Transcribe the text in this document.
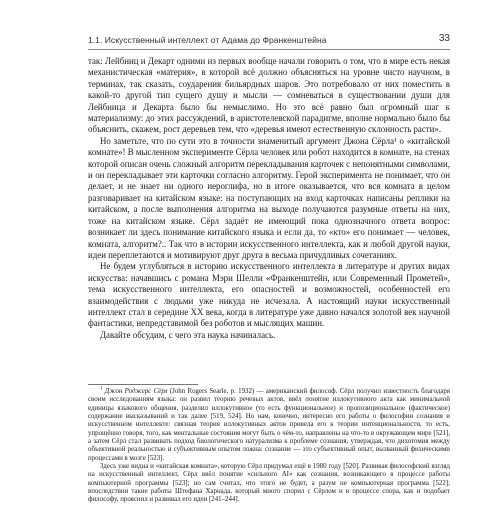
1.1. Искусственный интеллект от Адама до Франкенштейна	33

так: Лейбниц и Декарт одними из первых вообще начали говорить о том, что в мире есть некая механистическая «материя», в которой всё должно объясняться на уровне чисто научном, в терминах, так сказать, соударения бильярдных шаров. Это потребовало от них поместить в какой-то другой тип сущего душу и мысли — сомневаться в существовании души для Лейбница и Декарта было бы немыслимо. Но это всё равно был огромный шаг к материализму: до этих рассуждений, в аристотелевской парадигме, вполне нормально было бы объяснить, скажем, рост деревьев тем, что «деревья имеют естественную склонность расти».

Но заметьте, что по сути это в точности знаменитый аргумент Джона Сёрла¹ о «китайской комнате»! В мысленном эксперименте Сёрла человек или робот находится в комнате, на стенах которой описан очень сложный алгоритм перекладывания карточек с непонятными символами, и он перекладывает эти карточки согласно алгоритму. Герой эксперимента не понимает, что он делает, и не знает ни одного иероглифа, но в итоге оказывается, что вся комната в целом разговаривает на китайском языке: на поступающих на вход карточках написаны реплики на китайском, а после выполнения алгоритма на выходе получаются разумные ответы на них, тоже на китайском языке. Сёрл задаёт не имеющий пока однозначного ответа вопрос: возникает ли здесь понимание китайского языка и если да, то «кто» его понимает — человек, комната, алгоритм?.. Так что в истории искусственного интеллекта, как и любой другой науки, идеи переплетаются и мотивируют друг друга в весьма причудливых сочетаниях.

Не будем углубляться в историю искусственного интеллекта в литературе и других видах искусства: начавшись с романа Мэри Шелли «Франкенштейн, или Современный Прометей», тема искусственного интеллекта, его опасностей и возможностей, особенностей его взаимодействия с людьми уже никуда не исчезала. А настоящий науки искусственный интеллект стал в середине XX века, когда в литературе уже давно начался золотой век научной фантастики, непредставимой без роботов и мыслящих машин.

Давайте обсудим, с чего эта наука начиналась.

$^1$ Джон Роджерс Сёрл (John Rogers Searle, р. 1932) — американский философ. Сёрл получил известность благодаря своим исследованиям языка: он развил теорию речевых актов, ввёл понятие иллокутивного акта как минимальной единицы языкового общения, разделил иллокутивное (то есть функциональное) и пропозициональное (фактическое) содержание высказываний и так далее [519, 524]. Но нам, конечно, интересно его работы о философии сознания и искусственном интеллекте: связная теория иллокутивных актов привела его к теории интенциональности, то есть, упрощённо говоря, того, как ментальные состояния могут быть о чём-то, направлены на что-то в окружающем мире [521], а затем Сёрл стал развивать подход биологического натурализма к проблеме сознания, утверждая, что дихотомия между объективной реальностью и субъективным опытом ложна: сознание — это субъективный опыт, вызванный физическими процессами в мозге [523].

Здесь уже видна и «китайская комната», которую Сёрл придумал ещё в 1980 году [520]. Развивая философский взгляд на искусственный интеллект, Сёрл ввёл понятие «сильного AI» как сознания, возникающего в процессе работы компьютерной программы [523]; но сам считал, что этого не будет, а разум не компьютерная программа [522]; впоследствии такие работы Штефана Харнада, который много спорил с Сёрлом и в процессе спора, как и подобает философу, прояснил и развивал его идеи [241–244].
